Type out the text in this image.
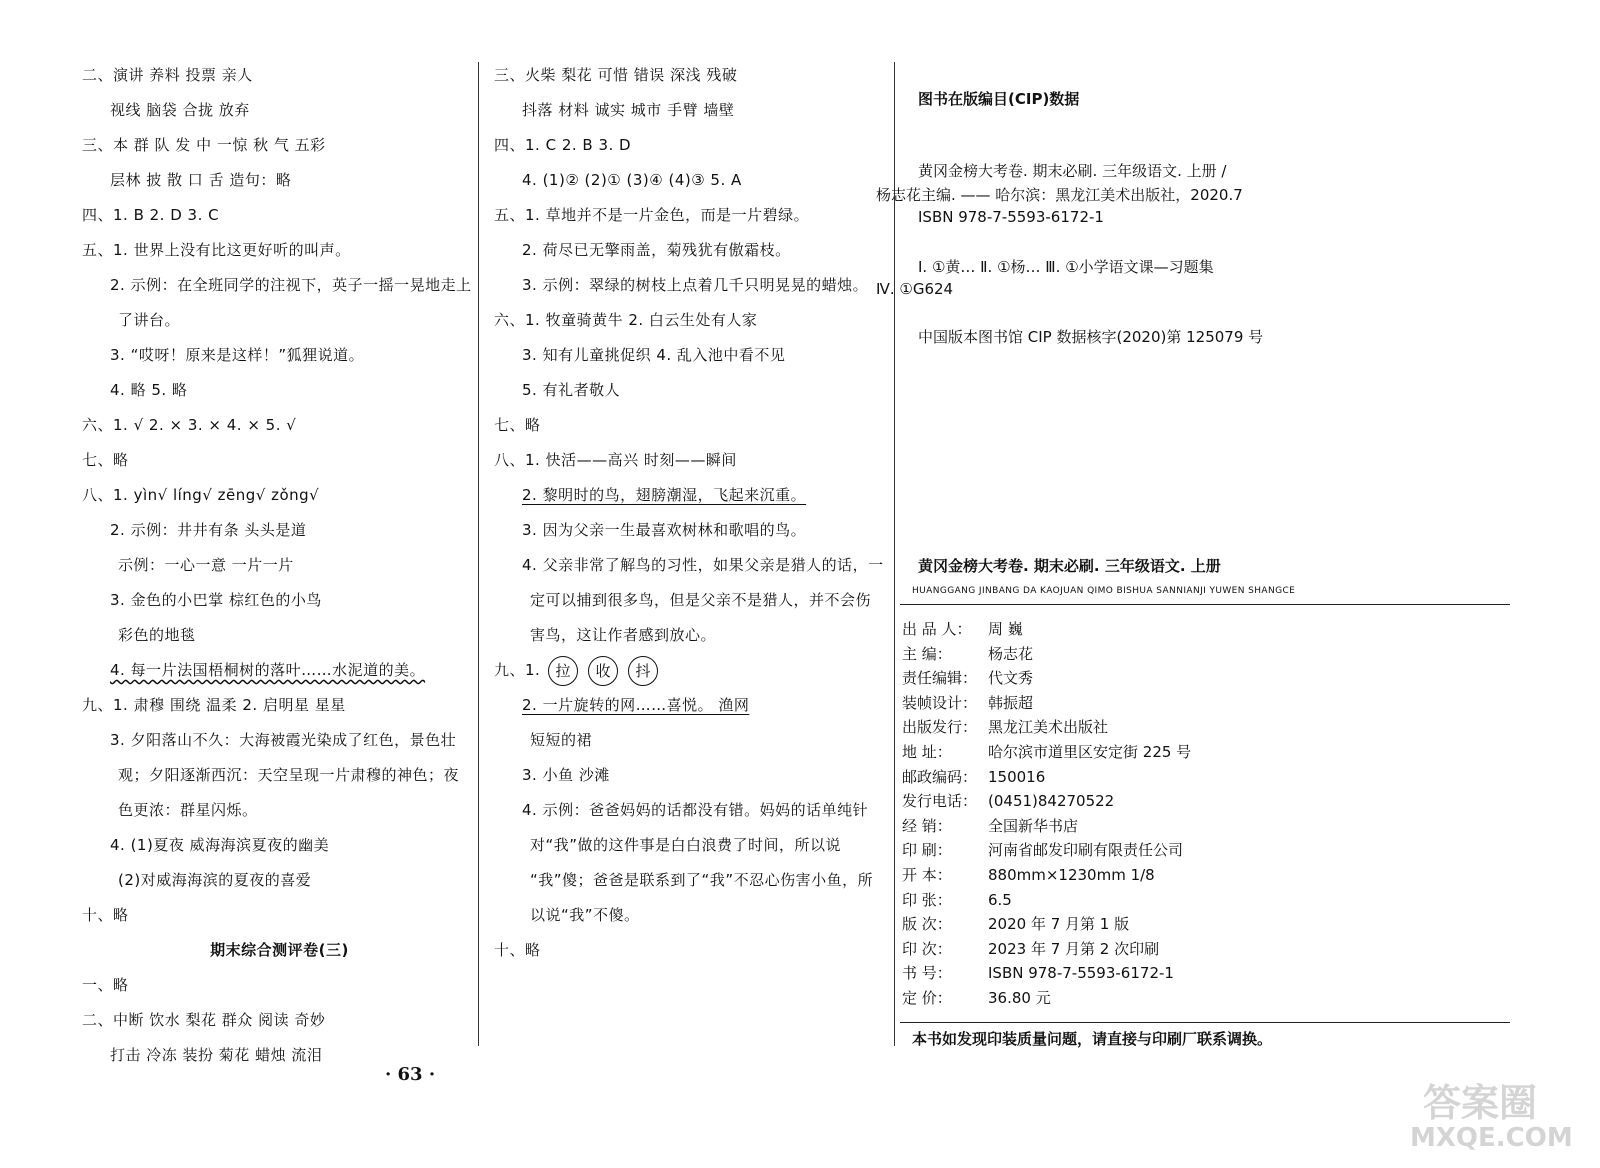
二、演讲 养料 投票 亲人
视线 脑袋 合拢 放弃
三、本 群 队 发 中 一惊 秋 气 五彩
层林 披 散 口 舌 造句：略
四、1. B 2. D 3. C
五、1. 世界上没有比这更好听的叫声。
2. 示例：在全班同学的注视下，英子一摇一晃地走上
了讲台。
3. “哎呀！原来是这样！”狐狸说道。
4. 略 5. 略
六、1. √ 2. × 3. × 4. × 5. √
七、略
八、1. yìn√ líng√ zēng√ zǒng√
2. 示例：井井有条 头头是道
示例：一心一意 一片一片
3. 金色的小巴掌 棕红色的小鸟
彩色的地毯
4. 每一片法国梧桐树的落叶……水泥道的美。
九、1. 肃穆 围绕 温柔 2. 启明星 星星
3. 夕阳落山不久：大海被霞光染成了红色，景色壮
观；夕阳逐渐西沉：天空呈现一片肃穆的神色；夜
色更浓：群星闪烁。
4. (1)夏夜 威海海滨夏夜的幽美
(2)对威海海滨的夏夜的喜爱
十、略
期末综合测评卷(三)
一、略
二、中断 饮水 梨花 群众 阅读 奇妙
打击 冷冻 装扮 菊花 蜡烛 流泪
三、火柴 梨花 可惜 错误 深浅 残破
抖落 材料 诚实 城市 手臂 墙壁
四、1. C 2. B 3. D
4. (1)② (2)① (3)④ (4)③ 5. A
五、1. 草地并不是一片金色，而是一片碧绿。
2. 荷尽已无擎雨盖，菊残犹有傲霜枝。
3. 示例：翠绿的树枝上点着几千只明晃晃的蜡烛。
六、1. 牧童骑黄牛 2. 白云生处有人家
3. 知有儿童挑促织 4. 乱入池中看不见
5. 有礼者敬人
七、略
八、1. 快活——高兴 时刻——瞬间
2. 黎明时的鸟，翅膀潮湿，飞起来沉重。
3. 因为父亲一生最喜欢树林和歌唱的鸟。
4. 父亲非常了解鸟的习性，如果父亲是猎人的话，一
定可以捕到很多鸟，但是父亲不是猎人，并不会伤
害鸟，这让作者感到放心。
九、1.	拉	收	抖
2. 一片旋转的网……喜悦。 渔网
短短的裙
3. 小鱼 沙滩
4. 示例：爸爸妈妈的话都没有错。妈妈的话单纯针
对“我”做的这件事是白白浪费了时间，所以说
“我”傻；爸爸是联系到了“我”不忍心伤害小鱼，所
以说“我”不傻。
十、略
图书在版编目(CIP)数据
黄冈金榜大考卷. 期末必刷. 三年级语文. 上册 /
杨志花主编. —— 哈尔滨：黑龙江美术出版社，2020.7
ISBN 978-7-5593-6172-1
Ⅰ. ①黄… Ⅱ. ①杨… Ⅲ. ①小学语文课—习题集
Ⅳ. ①G624
中国版本图书馆 CIP 数据核字(2020)第 125079 号
黄冈金榜大考卷. 期末必刷. 三年级语文. 上册
HUANGGANG JINBANG DA KAOJUAN QIMO BISHUA SANNIANJI YUWEN SHANGCE
出 品 人： 周 巍
主 编： 杨志花
责任编辑： 代文秀
装帧设计： 韩振超
出版发行： 黑龙江美术出版社
地 址： 哈尔滨市道里区安定街 225 号
邮政编码： 150016
发行电话： (0451)84270522
经 销： 全国新华书店
印 刷： 河南省邮发印刷有限责任公司
开 本： 880mm×1230mm 1/8
印 张： 6.5
版 次： 2020 年 7 月第 1 版
印 次： 2023 年 7 月第 2 次印刷
书 号： ISBN 978-7-5593-6172-1
定 价： 36.80 元
本书如发现印装质量问题，请直接与印刷厂联系调换。
· 63 ·
答案圈
MXQE.COM
